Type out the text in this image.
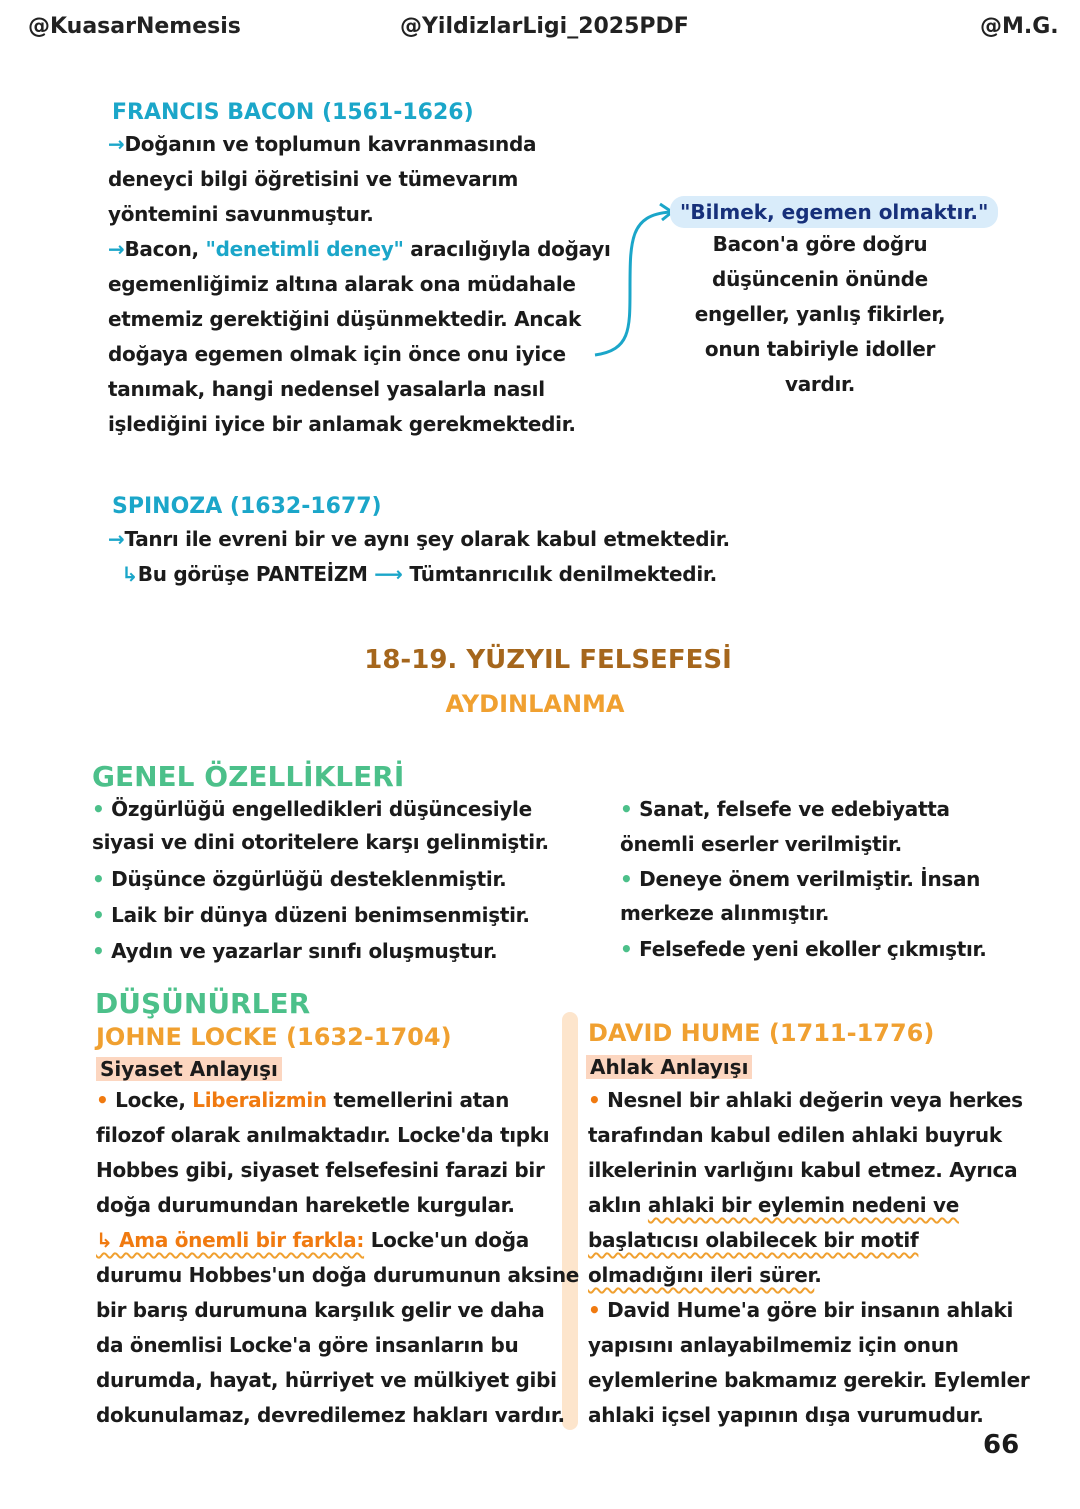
@KuasarNemesis	@YildizlarLigi_2025PDF	@M.G.
FRANCIS BACON (1561-1626)
→Doğanın ve toplumun kavranmasında
deneyci bilgi öğretisini ve tümevarım
yöntemini savunmuştur.
→Bacon, "denetimli deney" aracılığıyla doğayı
egemenliğimiz altına alarak ona müdahale
etmemiz gerektiğini düşünmektedir. Ancak
doğaya egemen olmak için önce onu iyice
tanımak, hangi nedensel yasalarla nasıl
işlediğini iyice bir anlamak gerekmektedir.
"Bilmek, egemen olmaktır."
Bacon'a göre doğru
düşüncenin önünde
engeller, yanlış fikirler,
onun tabiriyle idoller
vardır.
SPINOZA (1632-1677)
→Tanrı ile evreni bir ve aynı şey olarak kabul etmektedir.
↳Bu görüşe PANTEİZM ⟶ Tümtanrıcılık denilmektedir.
18-19. YÜZYIL FELSEFESİ
AYDINLANMA
GENEL ÖZELLİKLERİ
• Özgürlüğü engelledikleri düşüncesiyle
siyasi ve dini otoritelere karşı gelinmiştir.
• Düşünce özgürlüğü desteklenmiştir.
• Laik bir dünya düzeni benimsenmiştir.
• Aydın ve yazarlar sınıfı oluşmuştur.
• Sanat, felsefe ve edebiyatta
önemli eserler verilmiştir.
• Deneye önem verilmiştir. İnsan
merkeze alınmıştır.
• Felsefede yeni ekoller çıkmıştır.
DÜŞÜNÜRLER
JOHNE LOCKE (1632-1704)
Siyaset Anlayışı
• Locke, Liberalizmin temellerini atan
filozof olarak anılmaktadır. Locke'da tıpkı
Hobbes gibi, siyaset felsefesini farazi bir
doğa durumundan hareketle kurgular.
↳ Ama önemli bir farkla: Locke'un doğa
durumu Hobbes'un doğa durumunun aksine
bir barış durumuna karşılık gelir ve daha
da önemlisi Locke'a göre insanların bu
durumda, hayat, hürriyet ve mülkiyet gibi
dokunulamaz, devredilemez hakları vardır.
DAVID HUME (1711-1776)
Ahlak Anlayışı
• Nesnel bir ahlaki değerin veya herkes
tarafından kabul edilen ahlaki buyruk
ilkelerinin varlığını kabul etmez. Ayrıca
aklın ahlaki bir eylemin nedeni ve
başlatıcısı olabilecek bir motif
olmadığını ileri sürer.
• David Hume'a göre bir insanın ahlaki
yapısını anlayabilmemiz için onun
eylemlerine bakmamız gerekir. Eylemler
ahlaki içsel yapının dışa vurumudur.
66
